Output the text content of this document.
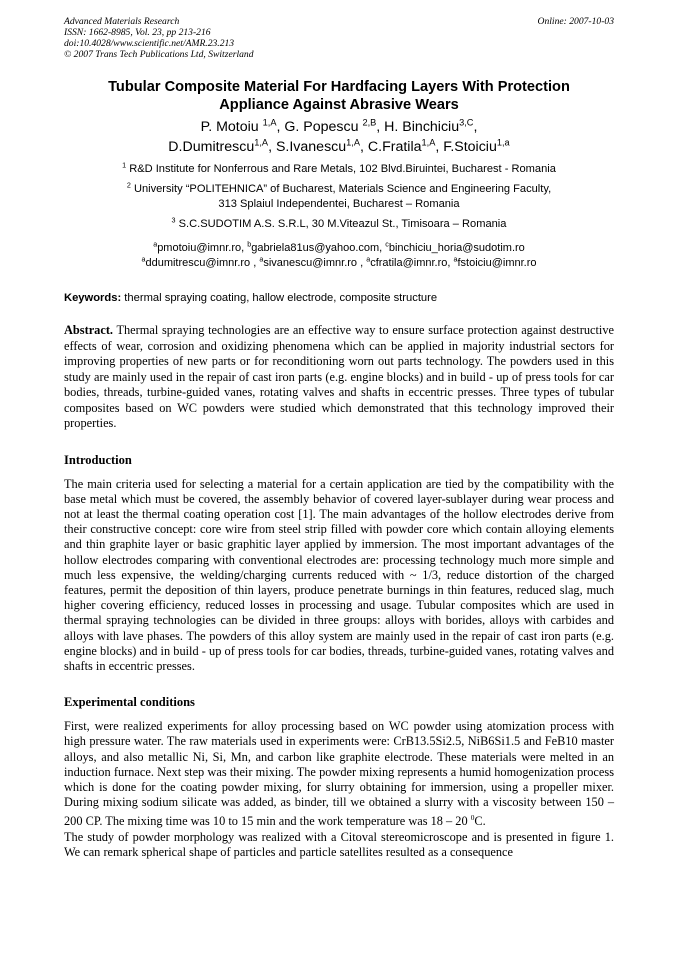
Advanced Materials Research
ISSN: 1662-8985, Vol. 23, pp 213-216
doi:10.4028/www.scientific.net/AMR.23.213
© 2007 Trans Tech Publications Ltd, Switzerland
Online: 2007-10-03
Tubular Composite Material For Hardfacing Layers With Protection
Appliance Against Abrasive Wears
P. Motoiu $^{1,A}$, G. Popescu $^{2,B}$, H. Binchiciu$^{3,C}$,
D.Dumitrescu$^{1,A}$, S.Ivanescu$^{1,A}$, C.Fratila$^{1,A}$, F.Stoiciu$^{1,a}$
$^1$ R&D Institute for Nonferrous and Rare Metals, 102 Blvd.Biruintei, Bucharest - Romania
$^2$ University “POLITEHNICA” of Bucharest, Materials Science and Engineering Faculty,
313 Splaiul Independentei, Bucharest – Romania
$^3$ S.C.SUDOTIM A.S. S.R.L, 30 M.Viteazul St., Timisoara – Romania
$^a$pmotoiu@imnr.ro, $^b$gabriela81us@yahoo.com, $^c$binchiciu_horia@sudotim.ro
$^a$ddumitrescu@imnr.ro , $^a$sivanescu@imnr.ro , $^a$cfratila@imnr.ro, $^a$fstoiciu@imnr.ro
Keywords: thermal spraying coating, hallow electrode, composite structure
Abstract. Thermal spraying technologies are an effective way to ensure surface protection against destructive effects of wear, corrosion and oxidizing phenomena which can be applied in majority industrial sectors for improving properties of new parts or for reconditioning worn out parts technology. The powders used in this study are mainly used in the repair of cast iron parts (e.g. engine blocks) and in build - up of press tools for car bodies, threads, turbine-guided vanes, rotating valves and shafts in eccentric presses. Three types of tubular composites based on WC powders were studied which demonstrated that this technology improved their properties.
Introduction

The main criteria used for selecting a material for a certain application are tied by the compatibility with the base metal which must be covered, the assembly behavior of covered layer-sublayer during wear process and not at least the thermal coating operation cost [1]. The main advantages of the hollow electrodes derive from their constructive concept: core wire from steel strip filled with powder core which contain alloying elements and thin graphite layer or basic graphitic layer applied by immersion. The most important advantages of the hollow electrodes comparing with conventional electrodes are: processing technology much more simple and much less expensive, the welding/charging currents reduced with ~ 1/3, reduce distortion of the charged features, permit the deposition of thin layers, produce penetrate burnings in thin features, reduced slag, much higher covering efficiency, reduced losses in processing and usage. Tubular composites which are used in thermal spraying technologies can be divided in three groups: alloys with borides, alloys with carbides and alloys with lave phases. The powders of this alloy system are mainly used in the repair of cast iron parts (e.g. engine blocks) and in build - up of press tools for car bodies, threads, turbine-guided vanes, rotating valves and shafts in eccentric presses.

Experimental conditions

First, were realized experiments for alloy processing based on WC powder using atomization process with high pressure water. The raw materials used in experiments were: CrB13.5Si2.5, NiB6Si1.5 and FeB10 master alloys, and also metallic Ni, Si, Mn, and carbon like graphite electrode. These materials were melted in an induction furnace. Next step was their mixing. The powder mixing represents a humid homogenization process which is done for the coating powder mixing, for slurry obtaining for immersion, using a propeller mixer. During mixing sodium silicate was added, as binder, till we obtained a slurry with a viscosity between 150 – 200 CP. The mixing time was 10 to 15 min and the work temperature was 18 – 20 $^0$C.

The study of powder morphology was realized with a Citoval stereomicroscope and is presented in figure 1. We can remark spherical shape of particles and particle satellites resulted as a consequence
